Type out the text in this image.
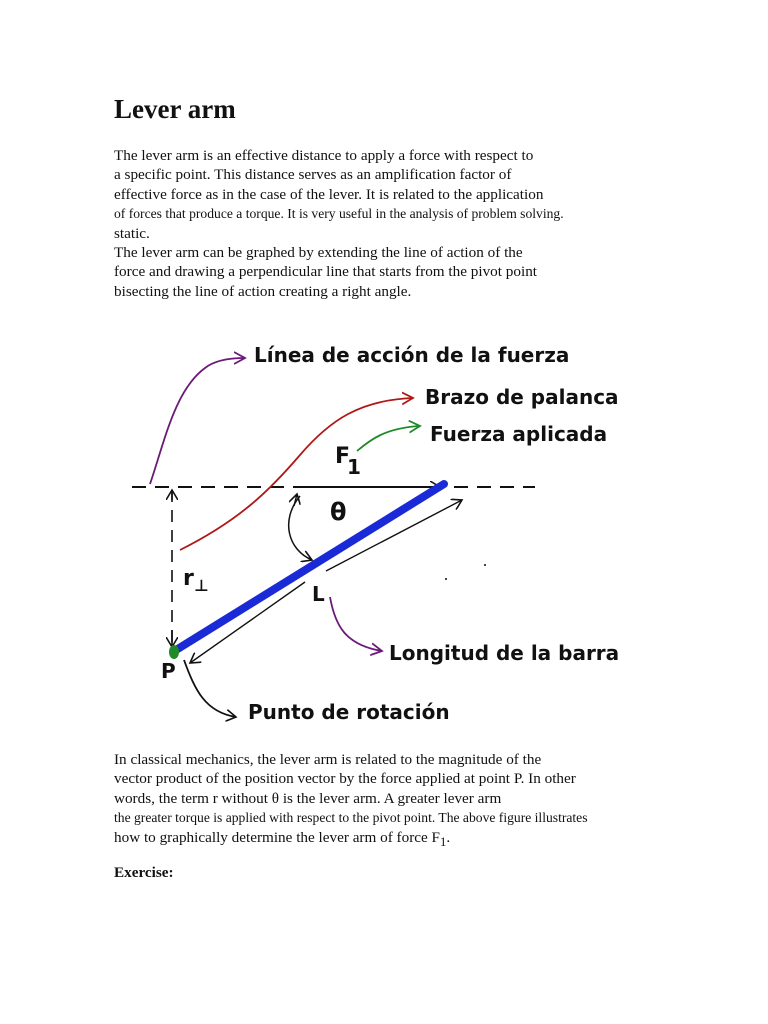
Lever arm
The lever arm is an effective distance to apply a force with respect to
a specific point. This distance serves as an amplification factor of
effective force as in the case of the lever. It is related to the application
of forces that produce a torque. It is very useful in the analysis of problem solving.
static.
The lever arm can be graphed by extending the line of action of the
force and drawing a perpendicular line that starts from the pivot point
bisecting the line of action creating a right angle.
Línea de acción de la fuerza
Brazo de palanca
Fuerza aplicada
Longitud de la barra
Punto de rotación
F
1
θ
r ⊥	L
P
In classical mechanics, the lever arm is related to the magnitude of the
vector product of the position vector by the force applied at point P. In other
words, the term r without θ is the lever arm. A greater lever arm
the greater torque is applied with respect to the pivot point. The above figure illustrates
how to graphically determine the lever arm of force $F_1$.

Exercise:
